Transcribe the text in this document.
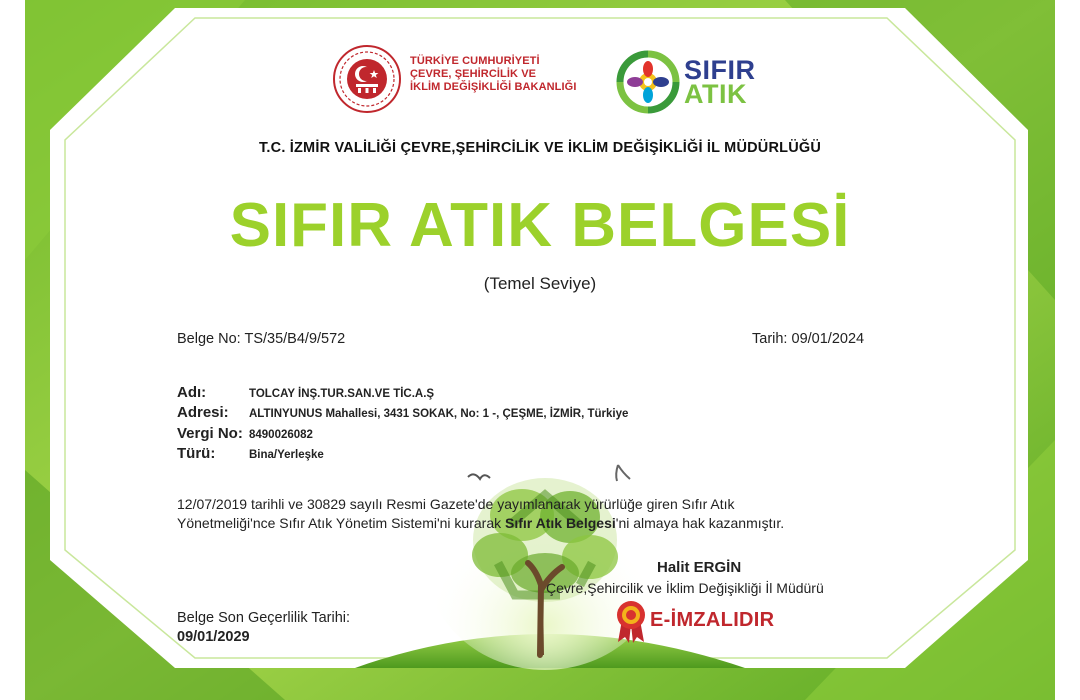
TÜRKİYE CUMHURİYETİ
ÇEVRE, ŞEHİRCİLİK VE
İKLİM DEĞİŞİKLİĞİ BAKANLIĞI
SIFIR
ATIK
T.C. İZMİR VALİLİĞİ ÇEVRE,ŞEHİRCİLİK VE İKLİM DEĞİŞİKLİĞİ İL MÜDÜRLÜĞÜ
SIFIR ATIK BELGESİ
(Temel Seviye)
Belge No: TS/35/B4/9/572	Tarih: 09/01/2024
Adı:	TOLCAY İNŞ.TUR.SAN.VE TİC.A.Ş
Adresi: ALTINYUNUS Mahallesi, 3431 SOKAK, No: 1 -, ÇEŞME, İZMİR, Türkiye
Vergi No: 8490026082
Türü:	Bina/Yerleşke
12/07/2019 tarihli ve 30829 sayılı Resmi Gazete'de yayımlanarak yürürlüğe giren Sıfır Atık
Yönetmeliği'nce Sıfır Atık Yönetim Sistemi'ni kurarak Sıfır Atık Belgesi'ni almaya hak kazanmıştır.
Halit ERGİN
Çevre,Şehircilik ve İklim Değişikliği İl Müdürü
E-İMZALIDIR
Belge Son Geçerlilik Tarihi:
09/01/2029
